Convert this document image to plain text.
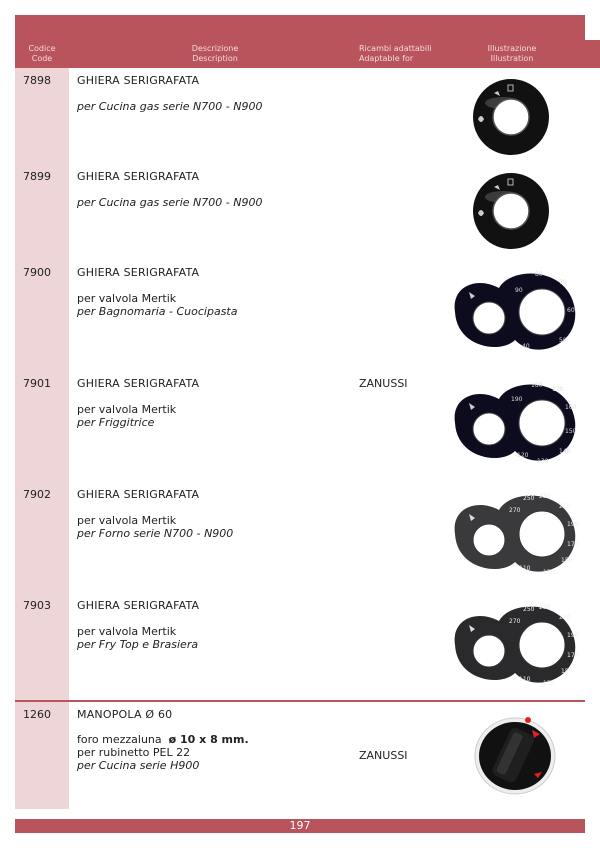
Codice
Code
Descrizione
Description
Ricambi adattabili
Adaptable for
Illustrazione
Illustration
7898 GHIERA SERIGRAFATA
per Cucina gas serie N700 - N900
7899 GHIERA SERIGRAFATA
per Cucina gas serie N700 - N900
7900 GHIERA SERIGRAFATA
per valvola Mertik
per Bagnomaria - Cuocipasta
40
50
60
70
80
90
7901 GHIERA SERIGRAFATA
per valvola Mertik
per Friggitrice
ZANUSSI
120
130
140
150
160
170
180
190
7902 GHIERA SERIGRAFATA
per valvola Mertik
per Forno serie N700 - N900
110
130
150
170
190
210
230
250
270
7903 GHIERA SERIGRAFATA
per valvola Mertik
per Fry Top e Brasiera
110
130
150
170
190
210
230
250
270
1260 MANOPOLA Ø 60
foro mezzaluna ø 10 x 8 mm.
per rubinetto PEL 22
per Cucina serie H900
ZANUSSI
197
